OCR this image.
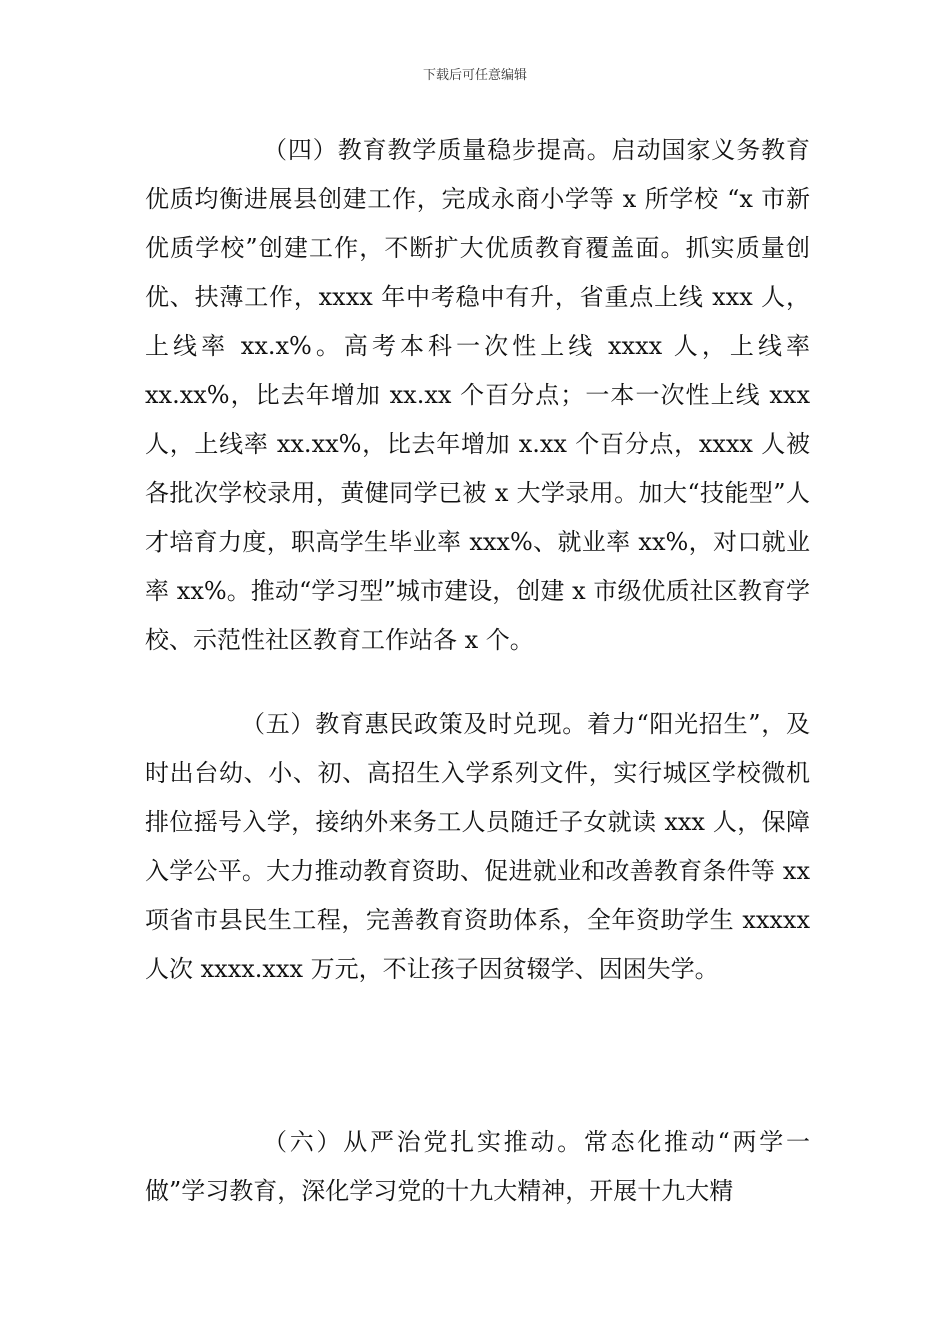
下载后可任意编辑

（四）教育教学质量稳步提高。启动国家义务教育优质均衡进展县创建工作，完成永商小学等 x 所学校 “x 市新优质学校”创建工作，不断扩大优质教育覆盖面。抓实质量创优、扶薄工作，xxxx 年中考稳中有升，省重点上线 xxx 人，上线率 xx.x%。高考本科一次性上线 xxxx 人，上线率 xx.xx%，比去年增加 xx.xx 个百分点；一本一次性上线 xxx 人，上线率 xx.xx%，比去年增加 x.xx 个百分点，xxxx 人被各批次学校录用，黄健同学已被 x 大学录用。加大“技能型”人才培育力度，职高学生毕业率 xxx%、就业率 xx%，对口就业率 xx%。推动“学习型”城市建设，创建 x 市级优质社区教育学校、示范性社区教育工作站各 x 个。

（五）教育惠民政策及时兑现。着力“阳光招生”，及时出台幼、小、初、高招生入学系列文件，实行城区学校微机排位摇号入学，接纳外来务工人员随迁子女就读 xxx 人，保障入学公平。大力推动教育资助、促进就业和改善教育条件等 xx 项省市县民生工程，完善教育资助体系，全年资助学生 xxxxx 人次 xxxx.xxx 万元，不让孩子因贫辍学、因困失学。

（六）从严治党扎实推动。常态化推动“两学一做”学习教育，深化学习党的十九大精神，开展十九大精
